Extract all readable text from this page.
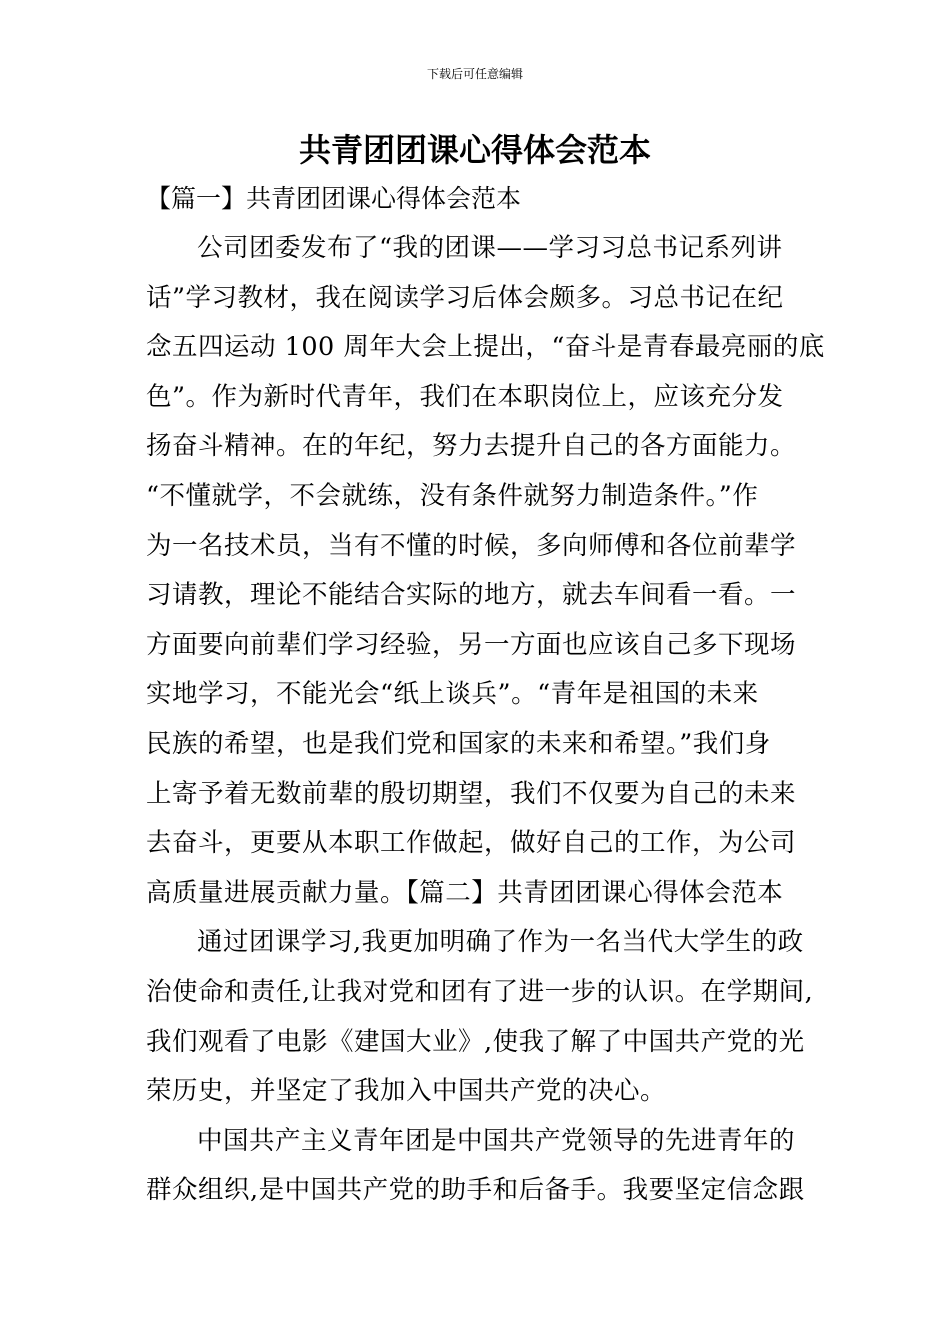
下载后可任意编辑
共青团团课心得体会范本
【篇一】共青团团课心得体会范本
公司团委发布了“我的团课——学习习总书记系列讲
话”学习教材，我在阅读学习后体会颇多。习总书记在纪
念五四运动 100 周年大会上提出，“奋斗是青春最亮丽的底
色”。作为新时代青年，我们在本职岗位上，应该充分发
扬奋斗精神。在的年纪，努力去提升自己的各方面能力。
“不懂就学，不会就练，没有条件就努力制造条件。”作
为一名技术员，当有不懂的时候，多向师傅和各位前辈学
习请教，理论不能结合实际的地方，就去车间看一看。一
方面要向前辈们学习经验，另一方面也应该自己多下现场
实地学习，不能光会“纸上谈兵”。“青年是祖国的未来
民族的希望，也是我们党和国家的未来和希望。”我们身
上寄予着无数前辈的殷切期望，我们不仅要为自己的未来
去奋斗，更要从本职工作做起，做好自己的工作，为公司
高质量进展贡献力量。【篇二】共青团团课心得体会范本
通过团课学习,我更加明确了作为一名当代大学生的政
治使命和责任,让我对党和团有了进一步的认识。在学期间,
我们观看了电影《建国大业》,使我了解了中国共产党的光
荣历史，并坚定了我加入中国共产党的决心。
中国共产主义青年团是中国共产党领导的先进青年的
群众组织,是中国共产党的助手和后备手。我要坚定信念跟
